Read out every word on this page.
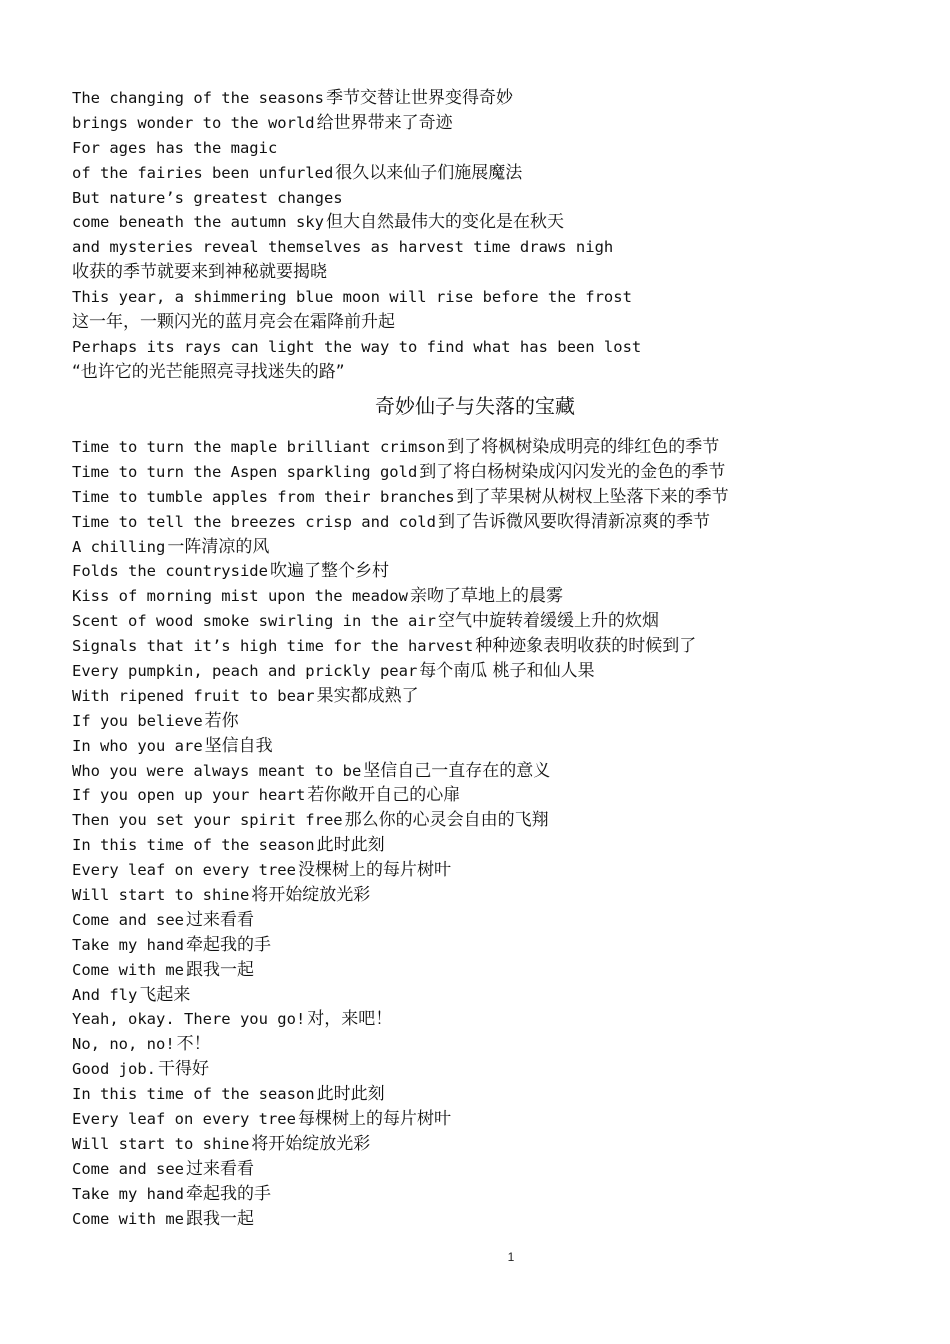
The changing of the seasons 季节交替让世界变得奇妙
brings wonder to the world 给世界带来了奇迹
For ages has the magic
of the fairies been unfurled 很久以来仙子们施展魔法
But nature’s greatest changes
come beneath the autumn sky 但大自然最伟大的变化是在秋天
and mysteries reveal themselves as harvest time draws nigh
收获的季节就要来到神秘就要揭晓
This year, a shimmering blue moon will rise before the frost
这一年，一颗闪光的蓝月亮会在霜降前升起
Perhaps its rays can light the way to find what has been lost
“也许它的光芒能照亮寻找迷失的路”
奇妙仙子与失落的宝藏
Time to turn the maple brilliant crimson 到了将枫树染成明亮的绯红色的季节
Time to turn the Aspen sparkling gold 到了将白杨树染成闪闪发光的金色的季节
Time to tumble apples from their branches 到了苹果树从树杈上坠落下来的季节
Time to tell the breezes crisp and cold 到了告诉微风要吹得清新凉爽的季节
A chilling 一阵清凉的风
Folds the countryside 吹遍了整个乡村
Kiss of morning mist upon the meadow 亲吻了草地上的晨雾
Scent of wood smoke swirling in the air 空气中旋转着缓缓上升的炊烟
Signals that it’s high time for the harvest 种种迹象表明收获的时候到了
Every pumpkin, peach and prickly pear 每个南瓜 桃子和仙人果
With ripened fruit to bear 果实都成熟了
If you believe 若你
In who you are 坚信自我
Who you were always meant to be 坚信自己一直存在的意义
If you open up your heart 若你敞开自己的心扉
Then you set your spirit free 那么你的心灵会自由的飞翔
In this time of the season 此时此刻
Every leaf on every tree 没棵树上的每片树叶
Will start to shine 将开始绽放光彩
Come and see 过来看看
Take my hand 牵起我的手
Come with me 跟我一起
And fly 飞起来
Yeah, okay. There you go! 对，来吧！
No, no, no! 不！
Good job. 干得好
In this time of the season 此时此刻
Every leaf on every tree 每棵树上的每片树叶
Will start to shine 将开始绽放光彩
Come and see 过来看看
Take my hand 牵起我的手
Come with me 跟我一起
1
